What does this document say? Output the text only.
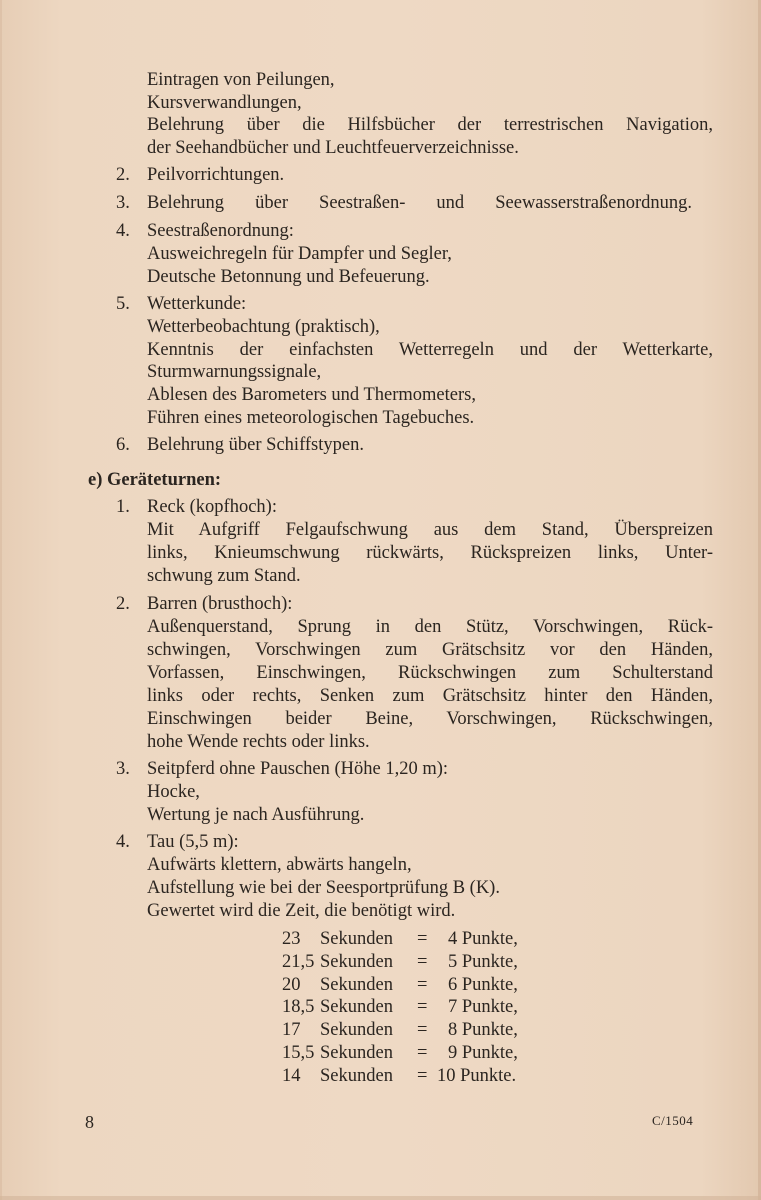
Eintragen von Peilungen,
Kursverwandlungen,
Belehrung über die Hilfsbücher der terrestrischen Navigation,
der Seehandbücher und Leuchtfeuerverzeichnisse.
2. Peilvorrichtungen.
3. Belehrung über Seestraßen- und Seewasserstraßenordnung.
4. Seestraßenordnung:
Ausweichregeln für Dampfer und Segler,
Deutsche Betonnung und Befeuerung.
5. Wetterkunde:
Wetterbeobachtung (praktisch),
Kenntnis der einfachsten Wetterregeln und der Wetterkarte,
Sturmwarnungssignale,
Ablesen des Barometers und Thermometers,
Führen eines meteorologischen Tagebuches.
6. Belehrung über Schiffstypen.
e) Geräteturnen:
1. Reck (kopfhoch):
Mit Aufgriff Felgaufschwung aus dem Stand, Überspreizen
links, Knieumschwung rückwärts, Rückspreizen links, Unter-
schwung zum Stand.
2. Barren (brusthoch):
Außenquerstand, Sprung in den Stütz, Vorschwingen, Rück-
schwingen, Vorschwingen zum Grätschsitz vor den Händen,
Vorfassen, Einschwingen, Rückschwingen zum Schulterstand
links oder rechts, Senken zum Grätschsitz hinter den Händen,
Einschwingen beider Beine, Vorschwingen, Rückschwingen,
hohe Wende rechts oder links.
3. Seitpferd ohne Pauschen (Höhe 1,20 m):
Hocke,
Wertung je nach Ausführung.
4. Tau (5,5 m):
Aufwärts klettern, abwärts hangeln,
Aufstellung wie bei der Seesportprüfung B (K).
Gewertet wird die Zeit, die benötigt wird.
23	Sekunden = 4 Punkte,
21,5 Sekunden = 5 Punkte,
20	Sekunden = 6 Punkte,
18,5 Sekunden = 7 Punkte,
17	Sekunden = 8 Punkte,
15,5 Sekunden = 9 Punkte,
14	Sekunden = 10 Punkte.
8	C/1504
